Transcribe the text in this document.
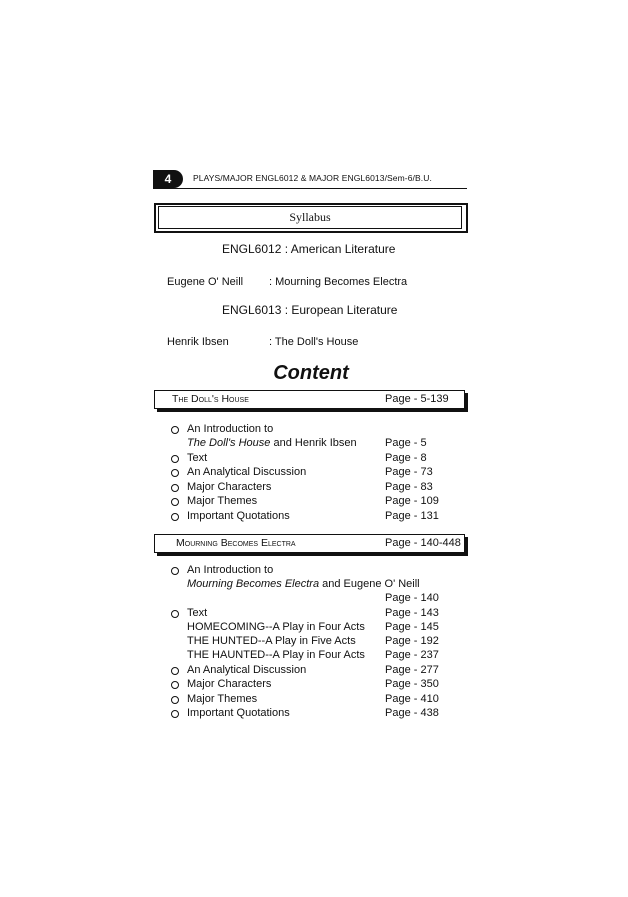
4	PLAYS/MAJOR ENGL6012 & MAJOR ENGL6013/Sem-6/B.U.
Syllabus
ENGL6012 : American Literature
Eugene O' Neill : Mourning Becomes Electra
ENGL6013 : European Literature
Henrik Ibsen	: The Doll's House
Content
The Doll's House	Page - 5-139
An Introduction to
The Doll's House and Henrik Ibsen	Page - 5
Text	Page - 8
An Analytical Discussion	Page - 73
Major Characters	Page - 83
Major Themes	Page - 109
Important Quotations	Page - 131
Mourning Becomes Electra	Page - 140-448
An Introduction to
Mourning Becomes Electra and Eugene O' Neill
Page - 140
Text	Page - 143
HOMECOMING--A Play in Four Acts Page - 145
THE HUNTED--A Play in Five Acts	Page - 192
THE HAUNTED--A Play in Four Acts Page - 237
An Analytical Discussion	Page - 277
Major Characters	Page - 350
Major Themes	Page - 410
Important Quotations	Page - 438
